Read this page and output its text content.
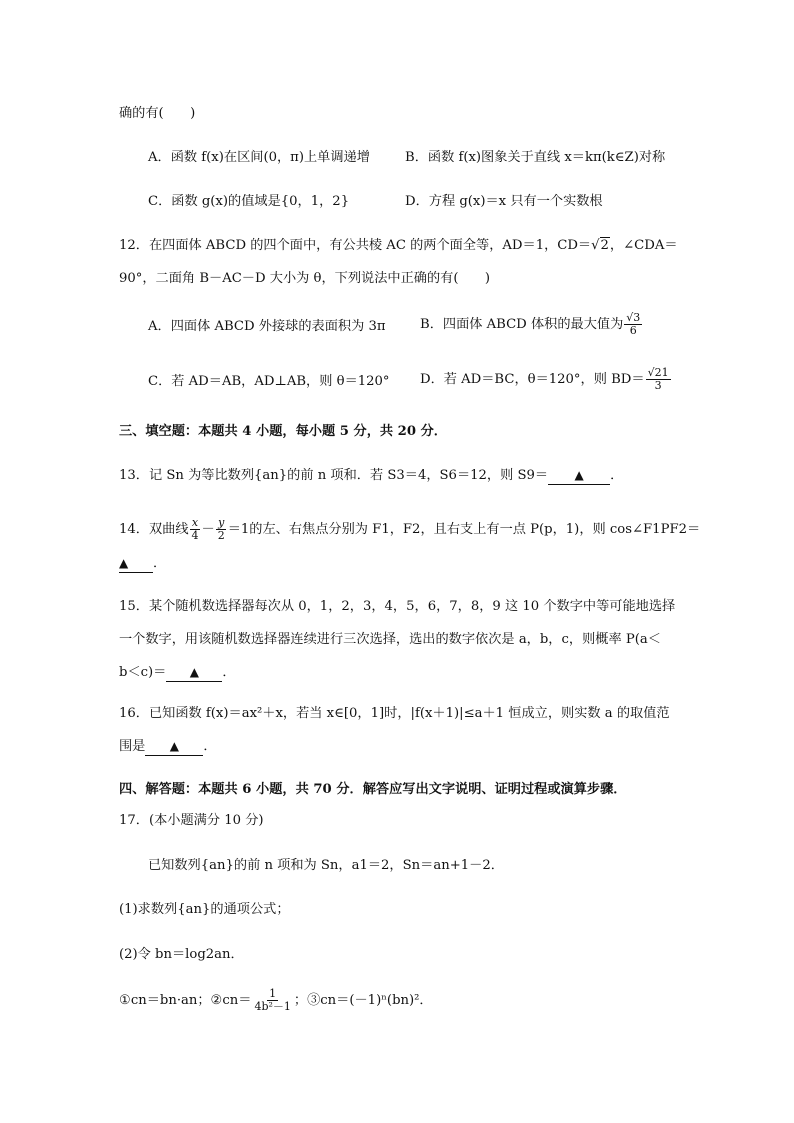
确的有(　　)
A．函数 f(x)在区间(0，π)上单调递增	B．函数 f(x)图象关于直线 x＝kπ(k∈Z)对称
C．函数 g(x)的值域是{0，1，2}	D．方程 g(x)＝x 只有一个实数根
12．在四面体 ABCD 的四个面中，有公共棱 AC 的两个面全等，AD＝1，CD＝√2，∠CDA＝
90°，二面角 B－AC－D 大小为 θ，下列说法中正确的有(　　)
A．四面体 ABCD 外接球的表面积为 3π	B．四面体 ABCD 体积的最大值为 $\frac{√3}{6}$
C．若 AD＝AB，AD⊥AB，则 θ＝120° D．若 AD＝BC，θ＝120°，则 $BD= \frac{√21}{3}$
三、填空题：本题共 4 小题，每小题 5 分，共 20 分．
13．记 Sn 为等比数列{an}的前 n 项和．若 S3＝4，S6＝12，则 S9＝ ▲ ．
14．双曲线 $\frac{x}{4} - \frac{y}{2} =1$的左、右焦点分别为 F1，F2，且右支上有一点 P(p，1)，则 cos∠F1PF2＝
▲ ．
15．某个随机数选择器每次从 0，1，2，3，4，5，6，7，8，9 这 10 个数字中等可能地选择
一个数字，用该随机数选择器连续进行三次选择，选出的数字依次是 a，b，c，则概率 P(a＜
b＜c)＝ ▲ ．
16．已知函数 f(x)＝ax²＋x，若当 x∈[0，1]时，|f(x＋1)|≤a＋1 恒成立，则实数 a 的取值范
围是 ▲ ．
四、解答题：本题共 6 小题，共 70 分．解答应写出文字说明、证明过程或演算步骤．
17．(本小题满分 10 分)
已知数列{an}的前 n 项和为 Sn，a1＝2，Sn＝an+1－2．
(1)求数列{an}的通项公式；
(2)令 bn＝log2an．
①cn＝bn·an；②cn＝ $\frac{1}{\text{4b²－1}}$ ；③cn＝(－1)ⁿ(bn)²．
